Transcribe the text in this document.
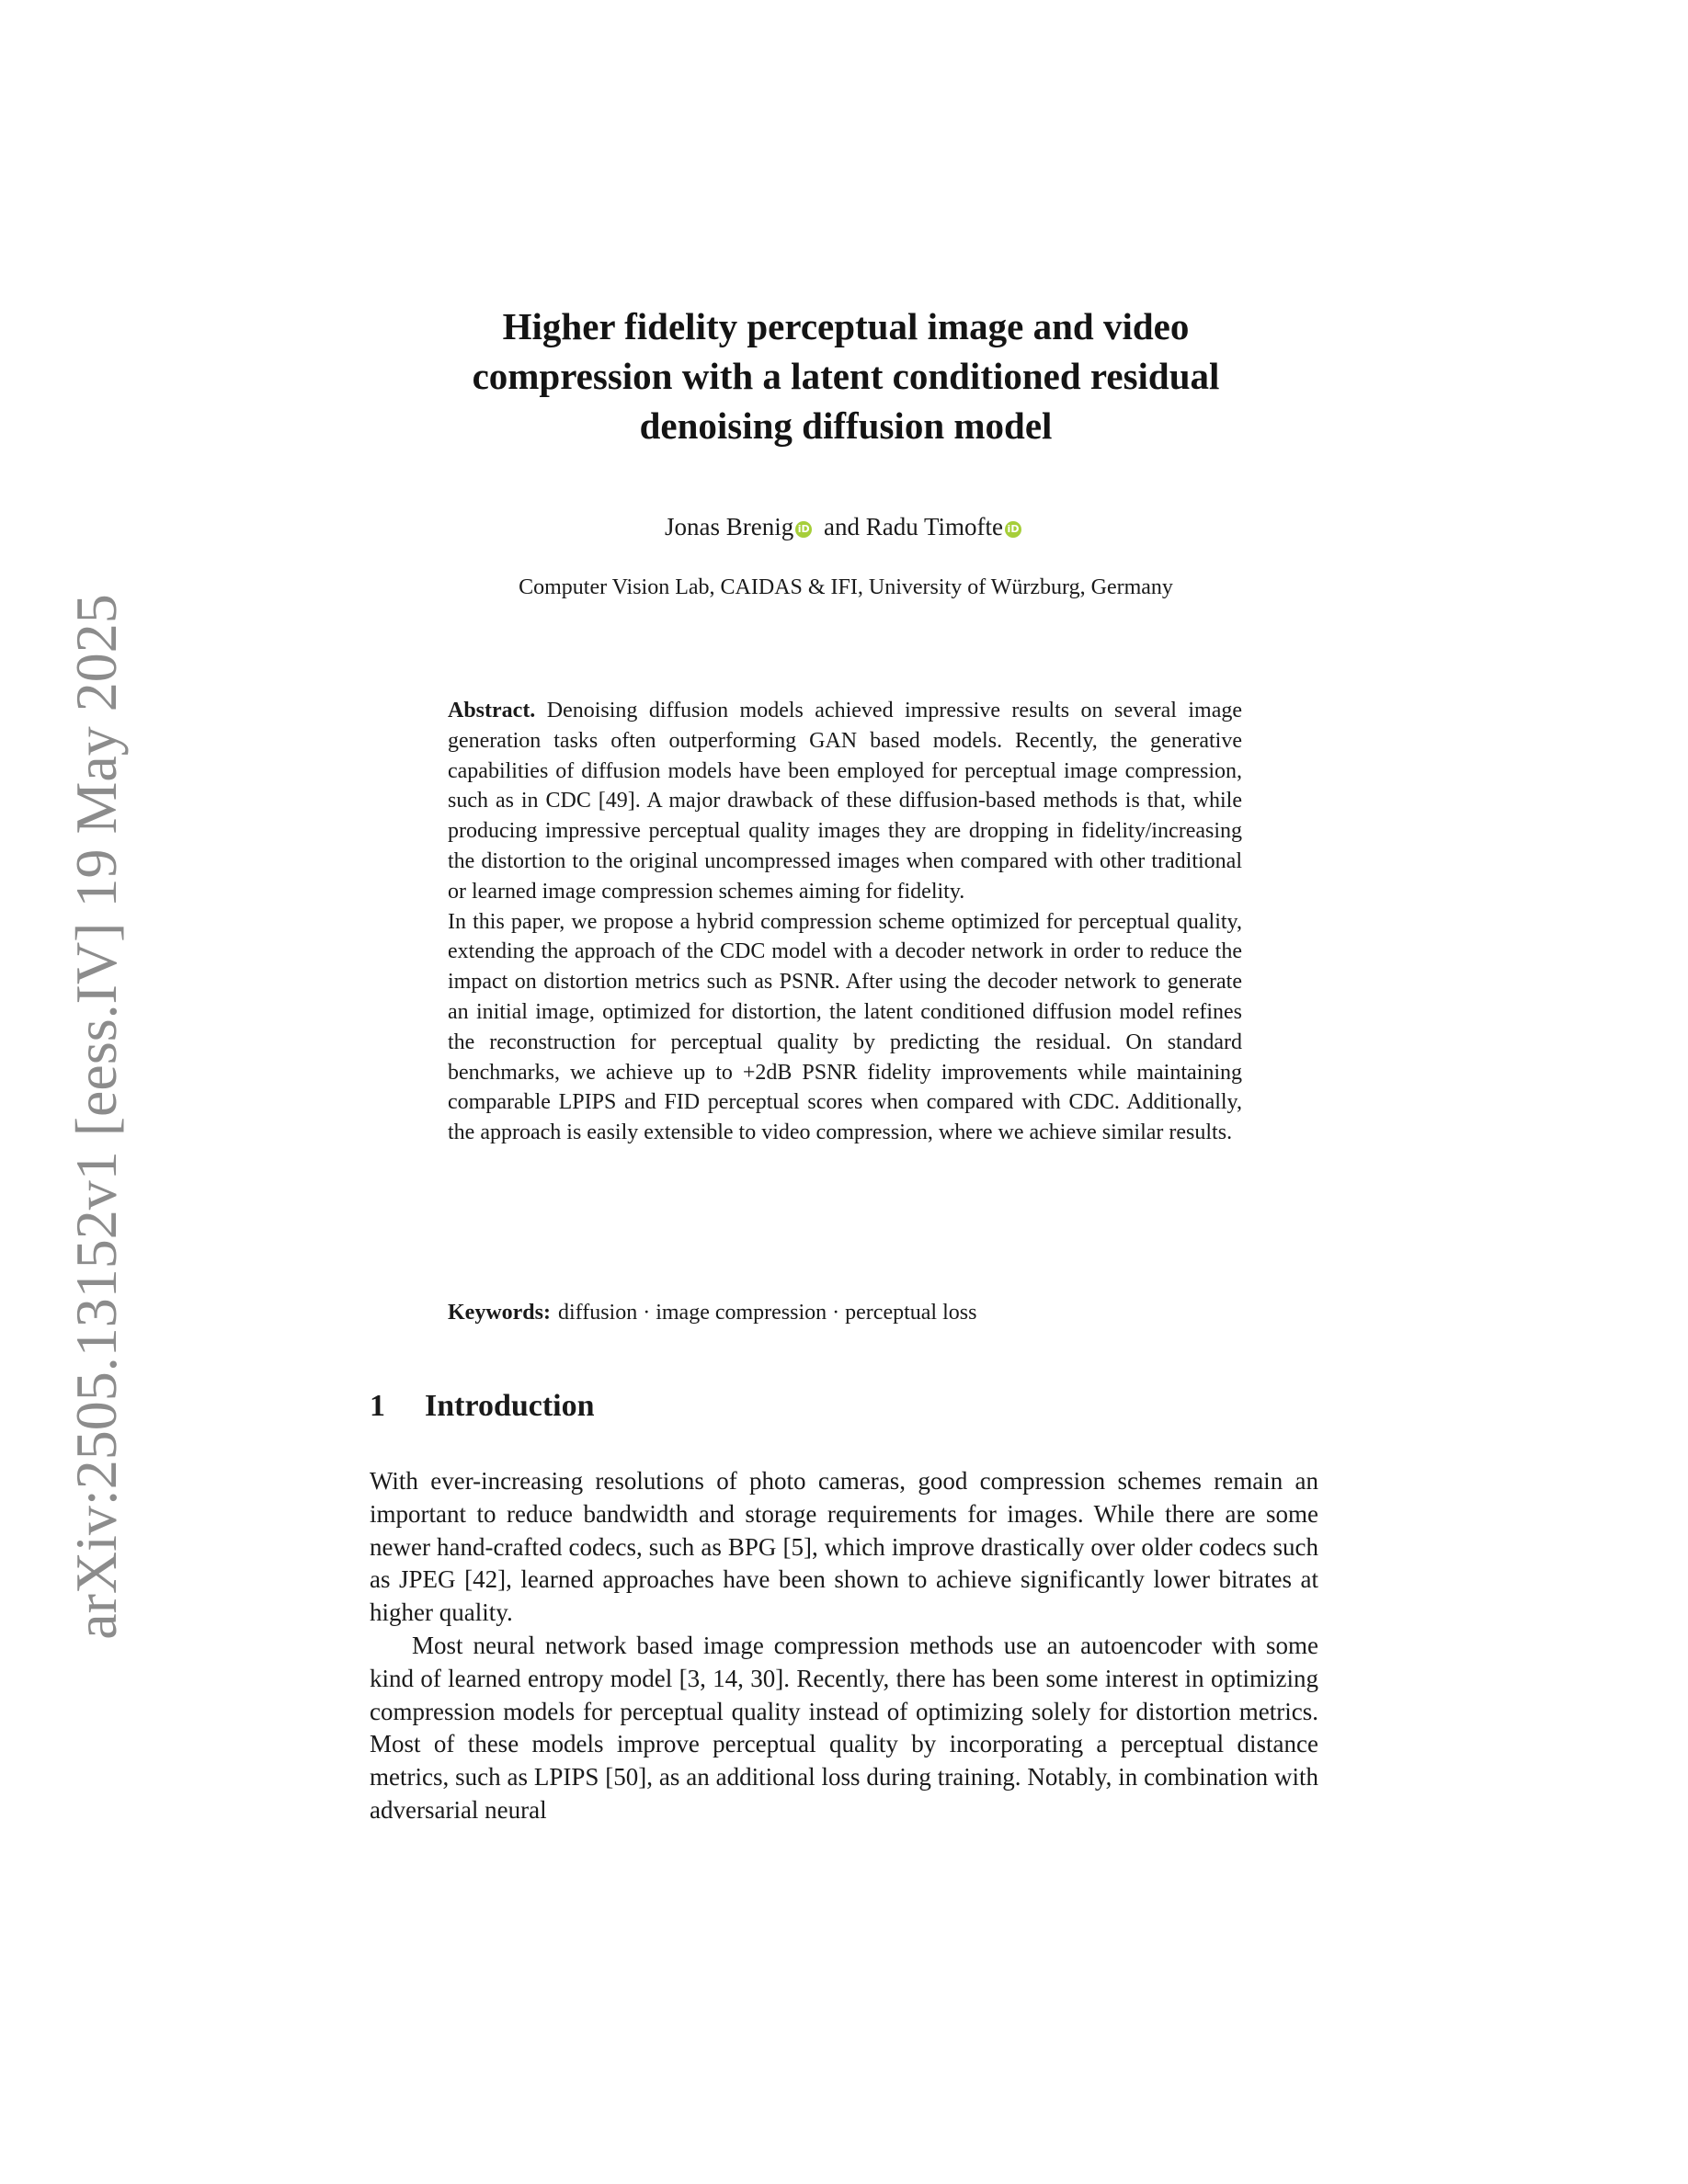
arXiv:2505.13152v1 [eess.IV] 19 May 2025
Higher fidelity perceptual image and video
compression with a latent conditioned residual
denoising diffusion model
Jonas Brenig iD and Radu Timofte iD
Computer Vision Lab, CAIDAS & IFI, University of Würzburg, Germany

Abstract. Denoising diffusion models achieved impressive results on several image generation tasks often outperforming GAN based models. Recently, the generative capabilities of diffusion models have been employed for perceptual image compression, such as in CDC [49]. A major drawback of these diffusion-based methods is that, while producing impressive perceptual quality images they are dropping in fidelity/increasing the distortion to the original uncompressed images when compared with other traditional or learned image compression schemes aiming for fidelity.

In this paper, we propose a hybrid compression scheme optimized for perceptual quality, extending the approach of the CDC model with a decoder network in order to reduce the impact on distortion metrics such as PSNR. After using the decoder network to generate an initial image, optimized for distortion, the latent conditioned diffusion model refines the reconstruction for perceptual quality by predicting the residual. On standard benchmarks, we achieve up to +2dB PSNR fidelity improvements while maintaining comparable LPIPS and FID perceptual scores when compared with CDC. Additionally, the approach is easily extensible to video compression, where we achieve similar results.

Keywords: diffusion · image compression · perceptual loss
1 Introduction

With ever-increasing resolutions of photo cameras, good compression schemes remain an important to reduce bandwidth and storage requirements for images. While there are some newer hand-crafted codecs, such as BPG [5], which improve drastically over older codecs such as JPEG [42], learned approaches have been shown to achieve significantly lower bitrates at higher quality.

Most neural network based image compression methods use an autoencoder with some kind of learned entropy model [3, 14, 30]. Recently, there has been some interest in optimizing compression models for perceptual quality instead of optimizing solely for distortion metrics. Most of these models improve perceptual quality by incorporating a perceptual distance metrics, such as LPIPS [50], as an additional loss during training. Notably, in combination with adversarial neural
